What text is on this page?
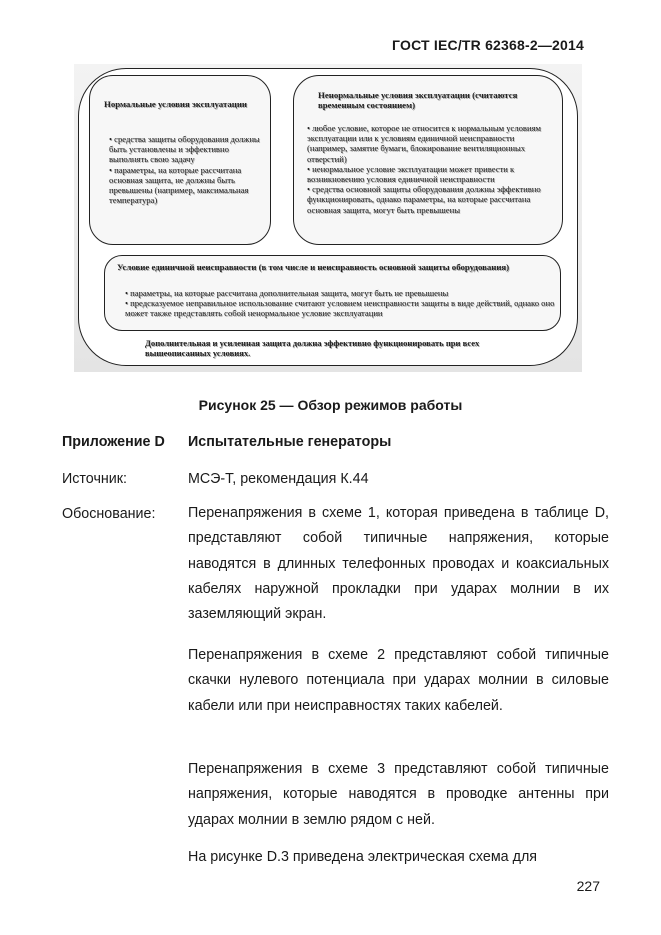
ГОСТ IEC/TR 62368-2—2014
Нормальные условия эксплуатации
• средства защиты оборудования должны быть установлены и эффективно выполнять свою задачу
• параметры, на которые рассчитана основная защита, не должны быть превышены (например, максимальная температура)
Ненормальные условия эксплуатации (считаются временным состоянием)
• любое условие, которое не относится к нормальным условиям эксплуатации или к условиям единичной неисправности (например, замятие бумаги, блокирование вентиляционных отверстий)
• ненормальное условие эксплуатации может привести к возникновению условия единичной неисправности
• средства основной защиты оборудования должны эффективно функционировать, однако параметры, на которые рассчитана основная защита, могут быть превышены
Условие единичной неисправности (в том числе и неисправность основной защиты оборудования)
• параметры, на которые рассчитана дополнительная защита, могут быть не превышены
• предсказуемое неправильное использование считают условием неисправности защиты в виде действий, однако оно может также представлять собой ненормальное условие эксплуатации
Дополнительная и усиленная защита должна эффективно функционировать при всех вышеописанных условиях.
Рисунок 25 — Обзор режимов работы
Приложение D Испытательные генераторы
Источник:	МСЭ-Т, рекомендация К.44
Обоснование: Перенапряжения в схеме 1, которая приведена в таблице D, представляют собой типичные напряжения, которые наводятся в длинных телефонных проводах и коаксиальных кабелях наружной прокладки при ударах молнии в их заземляющий экран.
Перенапряжения в схеме 2 представляют собой типичные скачки нулевого потенциала при ударах молнии в силовые кабели или при неисправностях таких кабелей.
Перенапряжения в схеме 3 представляют собой типичные напряжения, которые наводятся в проводке антенны при ударах молнии в землю рядом с ней.
На рисунке D.3 приведена электрическая схема для
227
